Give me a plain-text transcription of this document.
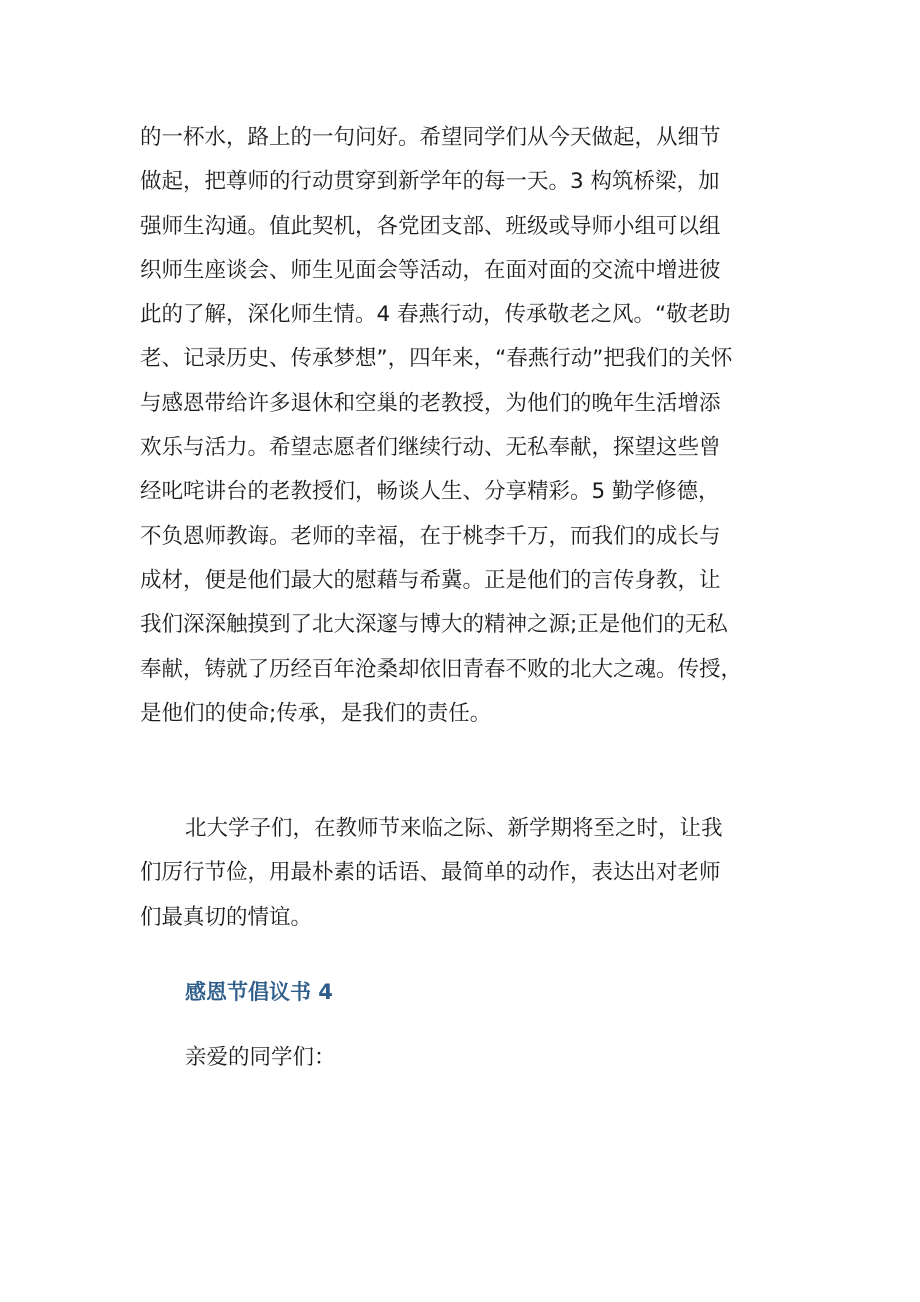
的一杯水，路上的一句问好。希望同学们从今天做起，从细节
做起，把尊师的行动贯穿到新学年的每一天。3 构筑桥梁，加
强师生沟通。值此契机，各党团支部、班级或导师小组可以组
织师生座谈会、师生见面会等活动，在面对面的交流中增进彼
此的了解，深化师生情。4 春燕行动，传承敬老之风。“敬老助
老、记录历史、传承梦想”，四年来，“春燕行动”把我们的关怀
与感恩带给许多退休和空巢的老教授，为他们的晚年生活增添
欢乐与活力。希望志愿者们继续行动、无私奉献，探望这些曾
经叱咤讲台的老教授们，畅谈人生、分享精彩。5 勤学修德，
不负恩师教诲。老师的幸福，在于桃李千万，而我们的成长与
成材，便是他们最大的慰藉与希冀。正是他们的言传身教，让
我们深深触摸到了北大深邃与博大的精神之源;正是他们的无私
奉献，铸就了历经百年沧桑却依旧青春不败的北大之魂。传授，
是他们的使命;传承，是我们的责任。
北大学子们，在教师节来临之际、新学期将至之时，让我
们厉行节俭，用最朴素的话语、最简单的动作，表达出对老师
们最真切的情谊。
感恩节倡议书 4
亲爱的同学们：
